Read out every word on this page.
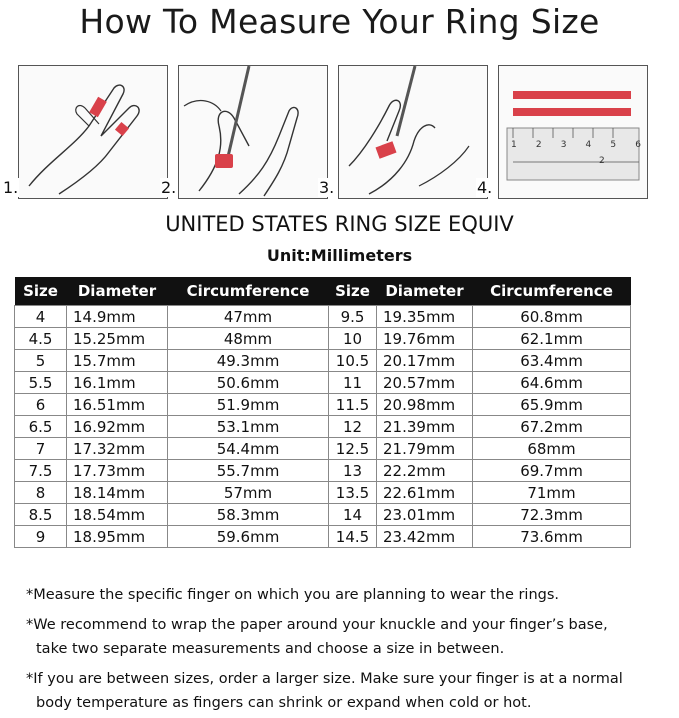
How To Measure Your Ring Size
1.	2.	3.
1 2 3 4 5 6
2
4.
UNITED STATES RING SIZE EQUIV
Unit:Millimeters
Size	Diameter	Circumference	Size	Diameter	Circumference
4	14.9mm	47mm	9.5	19.35mm	60.8mm
4.5	15.25mm	48mm	10	19.76mm	62.1mm
5	15.7mm	49.3mm	10.5	20.17mm	63.4mm
5.5	16.1mm	50.6mm	11	20.57mm	64.6mm
6	16.51mm	51.9mm	11.5	20.98mm	65.9mm
6.5	16.92mm	53.1mm	12	21.39mm	67.2mm
7	17.32mm	54.4mm	12.5	21.79mm	68mm
7.5	17.73mm	55.7mm	13	22.2mm	69.7mm
8	18.14mm	57mm	13.5	22.61mm	71mm
8.5	18.54mm	58.3mm	14	23.01mm	72.3mm
9	18.95mm	59.6mm	14.5	23.42mm	73.6mm

*Measure the specific finger on which you are planning to wear the rings.

*We recommend to wrap the paper around your knuckle and your finger’s base,
take two separate measurements and choose a size in between.
*If you are between sizes, order a larger size. Make sure your finger is at a normal
body temperature as fingers can shrink or expand when cold or hot.
